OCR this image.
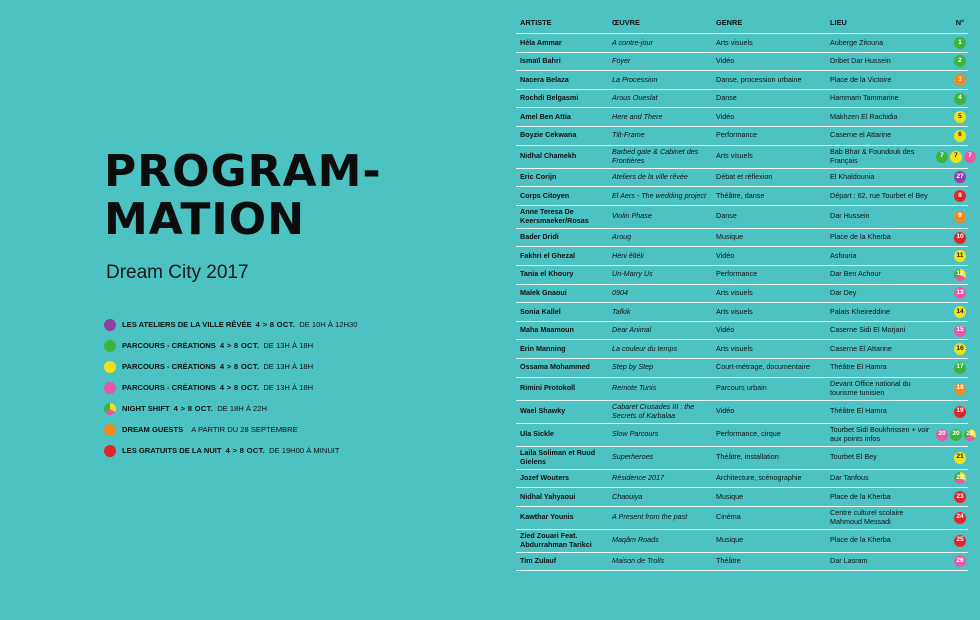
PROGRAM-
MATION
Dream City 2017
LES ATELIERS DE LA VILLE RÊVÉE 4 > 8 OCT. DE 10H À 12H30
PARCOURS - CRÉATIONS 4 > 8 OCT. DE 13H À 18H
PARCOURS - CRÉATIONS 4 > 8 OCT. DE 13H À 18H
PARCOURS - CRÉATIONS 4 > 8 OCT. DE 13H À 18H
NIGHT SHIFT 4 > 8 OCT. DE 18H À 22H
DREAM GUESTS A PARTIR DU 28 SEPTEMBRE
LES GRATUITS DE LA NUIT 4 > 8 OCT. DE 19H00 À MINUIT
ARTISTE	ŒUVRE	GENRE	LIEU	N°
Héla Ammar	A contre-jour	Arts visuels	Auberge Zitouna	1
Ismaïl Bahri	Foyer	Vidéo	Dribet Dar Hussein	2
Nacera Belaza	La Procession	Danse, procession urbaine	Place de la Victoire	3
Rochdi Belgasmi	Arous Oueslat	Danse	Hammam Tammarine	4
Amel Ben Attia	Here and There	Vidéo	Makhzen El Rachidia	5
Boyzie Cekwana	Tilt-Frame	Performance	Caserne el Attarine	6
Nidhal Chamekh	Barbed gate & Cabinet des Frontières	Arts visuels	Bab Bhar & Foundouk des Français	7 7 7
Eric Corijn	Ateliers de la ville rêvée	Débat et réflexion	El Khaldounia	27
Corps Citoyen	El Aers - The wedding project	Théâtre, danse	Départ : 62, rue Tourbet el Bey	8
Anne Teresa De Keersmaeker/Rosas	Violin Phase	Danse	Dar Hussein	9
Bader Dridi	Aroug	Musique	Place de la Kherba	10
Fakhri el Ghezal	Héni êltéli	Vidéo	Asfouria	11
Tania el Khoury	Un-Marry Us	Performance	Dar Ben Achour	12
Malek Gnaoui	0904	Arts visuels	Dar Dey	13
Sonia Kallel	Tafkik	Arts visuels	Palais Kheireddine	14
Maha Maamoun	Dear Animal	Vidéo	Caserne Sidi El Morjani	15
Erin Manning	La couleur du temps	Arts visuels	Caserne El Attarine	16
Ossama Mohammed	Step by Step	Court-métrage, documentaire	Théâtre El Hamra	17
Rimini Protokoll	Remote Tunis	Parcours urbain	Devant Office national du tourisme tunisien	18
Wael Shawky	Cabaret Crusades III : the Secrets of Karbalaa	Vidéo	Théâtre El Hamra	19
Ula Sickle	Slow Parcours	Performance, cirque	Tourbet Sidi Boukhrissen + voir aux points infos	20 20 20
Laila Soliman et Ruud Gielens	Superheroes	Théâtre, installation	Tourbet El Bey	21
Jozef Wouters	Résidence 2017	Architecture, scénographie	Dar Tanfous	22
Nidhal Yahyaoui	Chaouiya	Musique	Place de la Kherba	23
Kawthar Younis	A Present from the past	Cinéma	Centre culturel scolaire Mahmoud Messadi	24
Zied Zouari Feat. Abdurrahman Tarikci	Maqâm Roads	Musique	Place de la Kherba	25
Tim Zulauf	Maison de Trolls	Théâtre	Dar Lasram	26
